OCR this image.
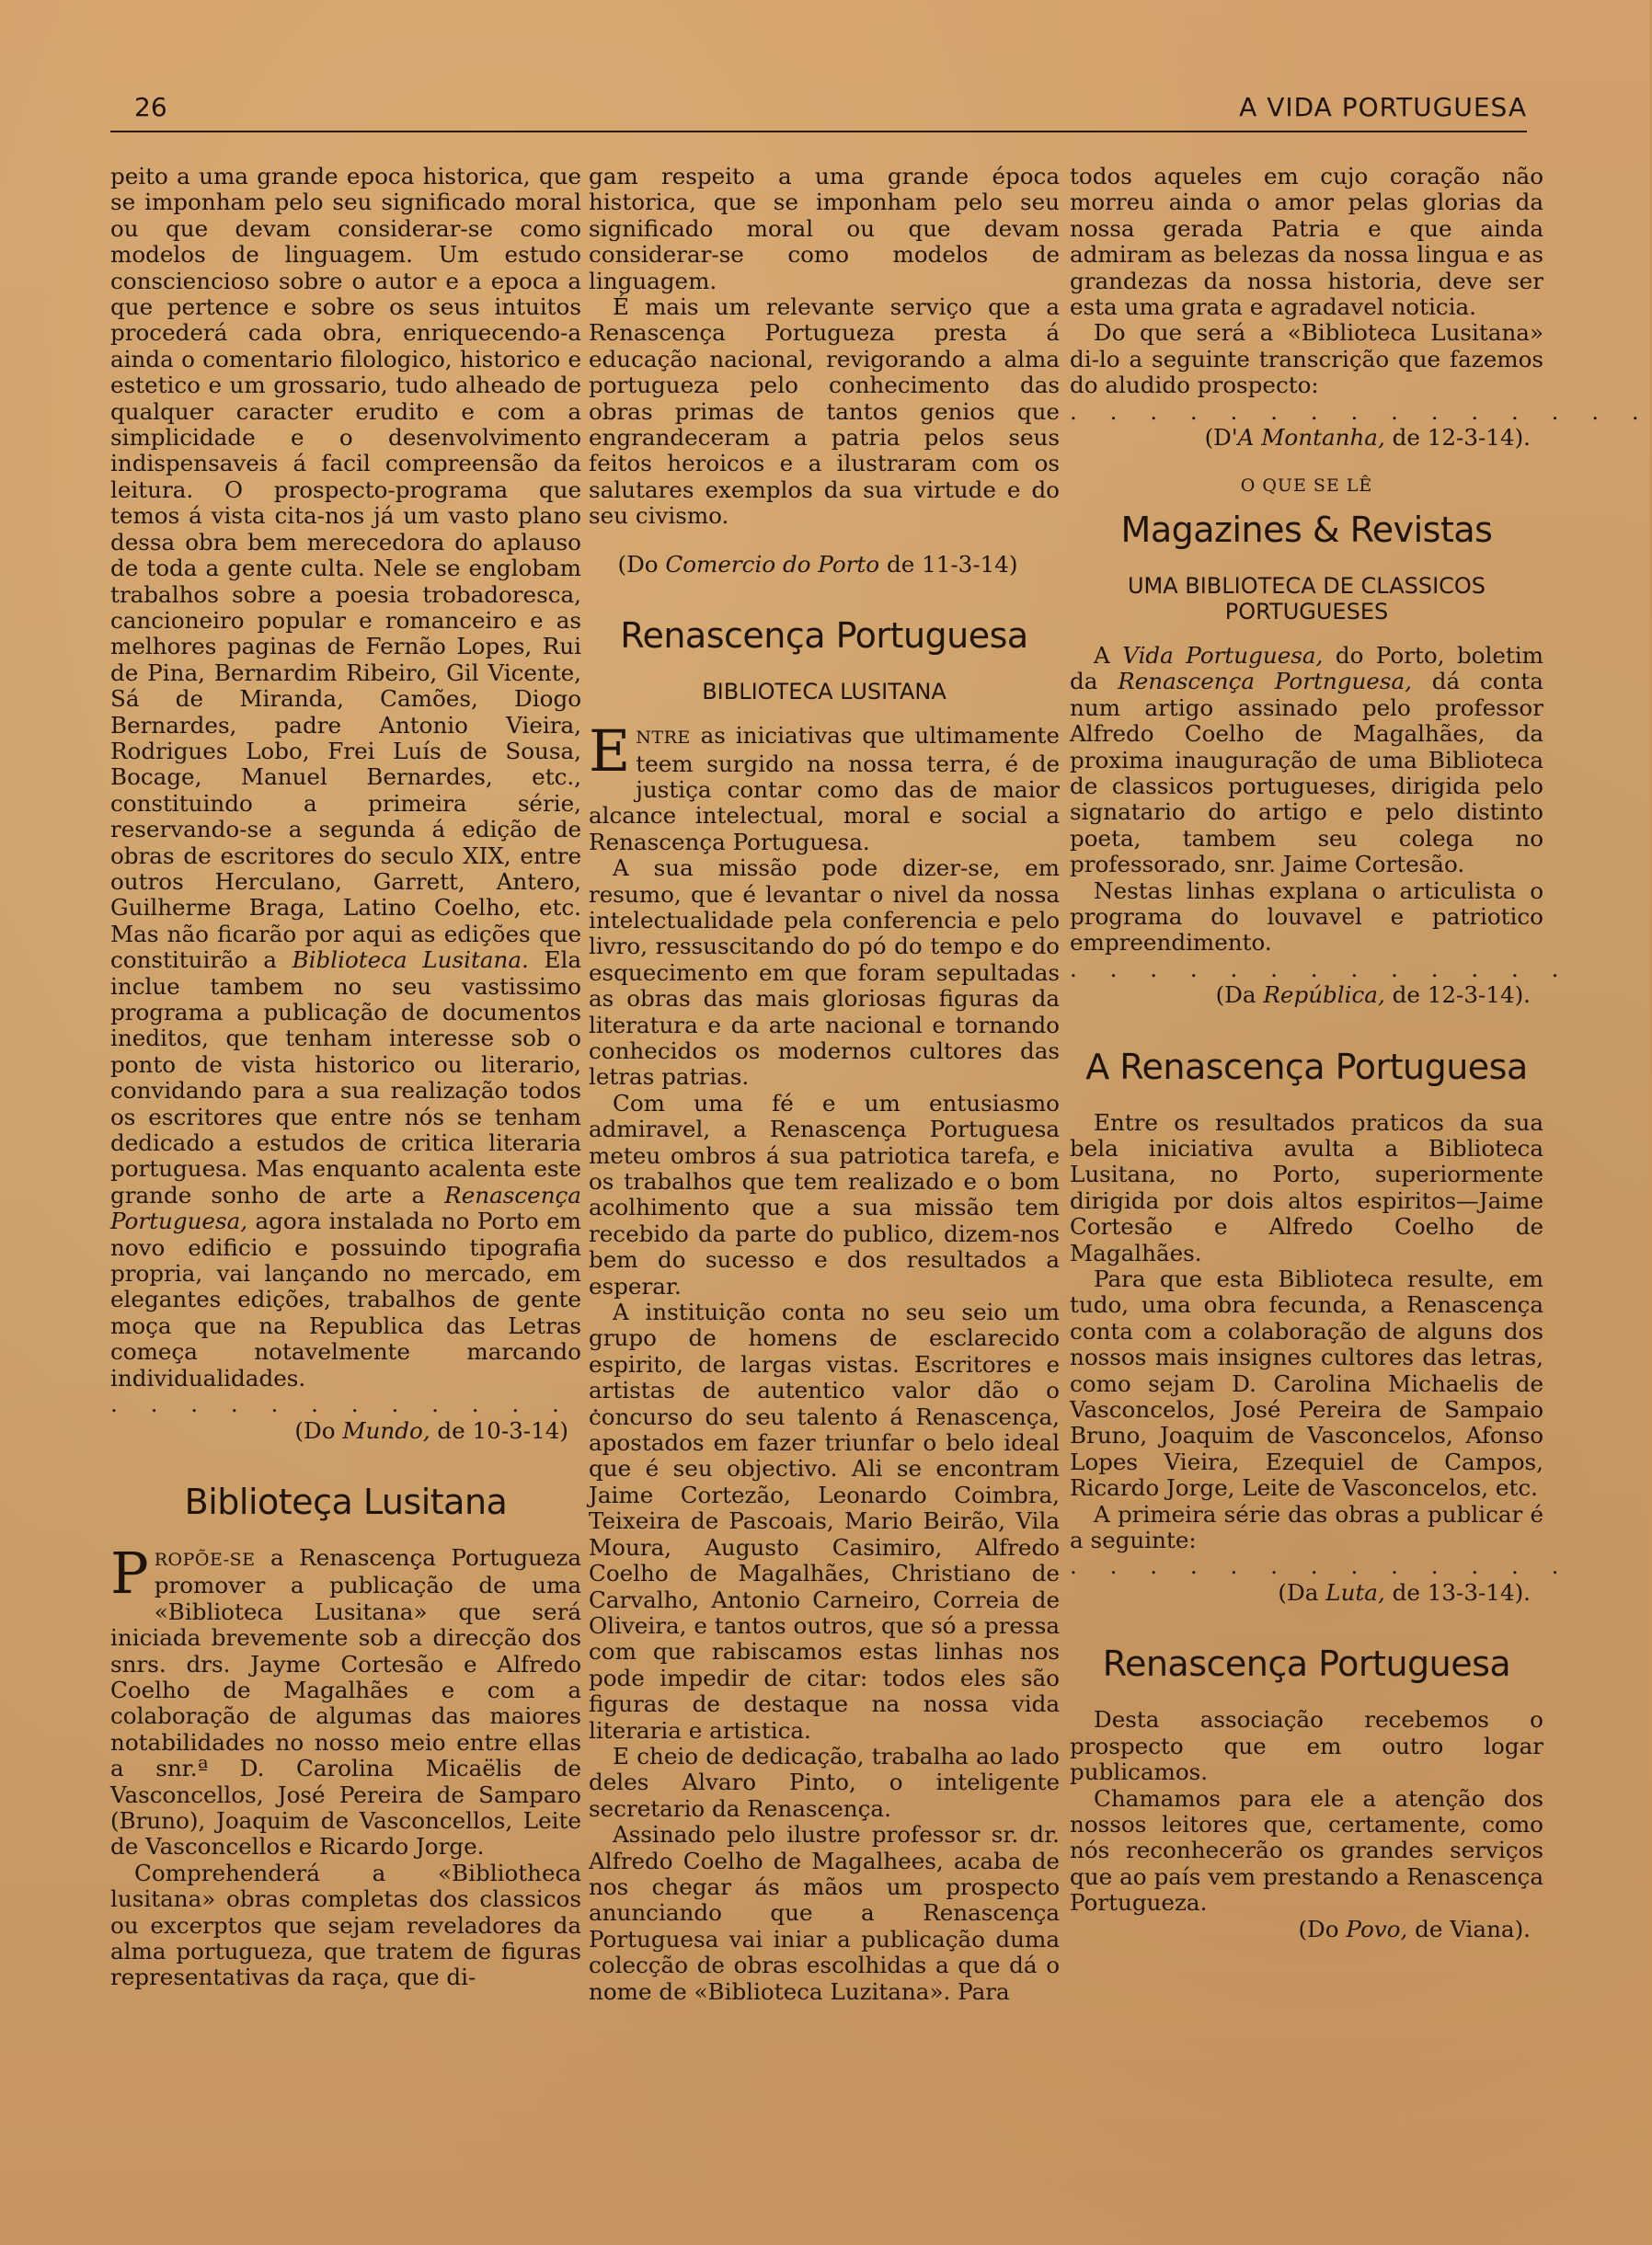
26	A VIDA PORTUGUESA

peito a uma grande epoca historica, que se imponham pelo seu significado moral ou que devam considerar-se como modelos de linguagem. Um estudo consciencioso sobre o autor e a epoca a que pertence e sobre os seus intuitos procederá cada obra, enriquecendo-a ainda o comentario filologico, historico e estetico e um grossario, tudo alheado de qualquer caracter erudito e com a simplicidade e o desenvolvimento indispensaveis á facil compreensão da leitura. O prospecto-programa que temos á vista cita-nos já um vasto plano dessa obra bem merecedora do aplauso de toda a gente culta. Nele se englobam trabalhos sobre a poesia trobadoresca, cancioneiro popular e romanceiro e as melhores paginas de Fernão Lopes, Rui de Pina, Bernardim Ribeiro, Gil Vicente, Sá de Miranda, Camões, Diogo Bernardes, padre Antonio Vieira, Rodrigues Lobo, Frei Luís de Sousa, Bocage, Manuel Bernardes, etc., constituindo a primeira série, reservando-se a segunda á edição de obras de escritores do seculo XIX, entre outros Herculano, Garrett, Antero, Guilherme Braga, Latino Coelho, etc. Mas não ficarão por aqui as edições que constituirão a Biblioteca Lusitana. Ela inclue tambem no seu vastissimo programa a publicação de documentos ineditos, que tenham interesse sob o ponto de vista historico ou literario, convidando para a sua realização todos os escritores que entre nós se tenham dedicado a estudos de critica literaria portuguesa. Mas enquanto acalenta este grande sonho de arte a Renascença Portuguesa, agora instalada no Porto em novo edificio e possuindo tipografia propria, vai lançando no mercado, em elegantes edições, trabalhos de gente moça que na Republica das Letras começa notavelmente marcando individualidades.

. . . . . . . . . . . . .

(Do Mundo, de 10-3-14)

Biblioteça Lusitana

PROPÕE-SE a Renascença Portugueza promover a publicação de uma «Biblioteca Lusitana» que será iniciada brevemente sob a direcção dos snrs. drs. Jayme Cortesão e Alfredo Coelho de Magalhães e com a colaboração de algumas das maiores notabilidades no nosso meio entre ellas a snr.ª D. Carolina Micaëlis de Vasconcellos, José Pereira de Samparo (Bruno), Joaquim de Vasconcellos, Leite de Vasconcellos e Ricardo Jorge.

Comprehenderá a «Bibliotheca lusitana» obras completas dos classicos ou excerptos que sejam reveladores da alma portugueza, que tratem de figuras representativas da raça, que di-

gam respeito a uma grande época historica, que se imponham pelo seu significado moral ou que devam considerar-se como modelos de linguagem.

É mais um relevante serviço que a Renascença Portugueza presta á educação nacional, revigorando a alma portugueza pelo conhecimento das obras primas de tantos genios que engrandeceram a patria pelos seus feitos heroicos e a ilustraram com os salutares exemplos da sua virtude e do seu civismo.

(Do Comercio do Porto de 11-3-14)

Renascença Portuguesa
BIBLIOTECA LUSITANA

ENTRE as iniciativas que ultimamente teem surgido na nossa terra, é de justiça contar como das de maior alcance intelectual, moral e social a Renascença Portuguesa.

A sua missão pode dizer-se, em resumo, que é levantar o nivel da nossa intelectualidade pela conferencia e pelo livro, ressuscitando do pó do tempo e do esquecimento em que foram sepultadas as obras das mais gloriosas figuras da literatura e da arte nacional e tornando conhecidos os modernos cultores das letras patrias.

Com uma fé e um entusiasmo admiravel, a Renascença Portuguesa meteu ombros á sua patriotica tarefa, e os trabalhos que tem realizado e o bom acolhimento que a sua missão tem recebido da parte do publico, dizem-nos bem do sucesso e dos resultados a esperar.

A instituição conta no seu seio um grupo de homens de esclarecido espirito, de largas vistas. Escritores e artistas de autentico valor dão o concurso do seu talento á Renascença, apostados em fazer triunfar o belo ideal que é seu objectivo. Ali se encontram Jaime Cortezão, Leonardo Coimbra, Teixeira de Pascoais, Mario Beirão, Vila Moura, Augusto Casimiro, Alfredo Coelho de Magalhães, Christiano de Carvalho, Antonio Carneiro, Correia de Oliveira, e tantos outros, que só a pressa com que rabiscamos estas linhas nos pode impedir de citar: todos eles são figuras de destaque na nossa vida literaria e artistica.

E cheio de dedicação, trabalha ao lado deles Alvaro Pinto, o inteligente secretario da Renascença.

Assinado pelo ilustre professor sr. dr. Alfredo Coelho de Magalhees, acaba de nos chegar ás mãos um prospecto anunciando que a Renascença Portuguesa vai iniar a publicação duma colecção de obras escolhidas a que dá o nome de «Biblioteca Luzitana». Para

todos aqueles em cujo coração não morreu ainda o amor pelas glorias da nossa gerada Patria e que ainda admiram as belezas da nossa lingua e as grandezas da nossa historia, deve ser esta uma grata e agradavel noticia.

Do que será a «Biblioteca Lusitana» di-lo a seguinte transcrição que fazemos do aludido prospecto:

. . . . . . . . . . . . . . .

(D'A Montanha, de 12-3-14).

O QUE SE LÊ
Magazines & Revistas
UMA BIBLIOTECA DE CLASSICOS PORTUGUESES

A Vida Portuguesa, do Porto, boletim da Renascença Portnguesa, dá conta num artigo assinado pelo professor Alfredo Coelho de Magalhães, da proxima inauguração de uma Biblioteca de classicos portugueses, dirigida pelo signatario do artigo e pelo distinto poeta, tambem seu colega no professorado, snr. Jaime Cortesão.

Nestas linhas explana o articulista o programa do louvavel e patriotico empreendimento.

. . . . . . . . . . . . .

(Da República, de 12-3-14).

A Renascença Portuguesa

Entre os resultados praticos da sua bela iniciativa avulta a Biblioteca Lusitana, no Porto, superiormente dirigida por dois altos espiritos—Jaime Cortesão e Alfredo Coelho de Magalhães.

Para que esta Biblioteca resulte, em tudo, uma obra fecunda, a Renascença conta com a colaboração de alguns dos nossos mais insignes cultores das letras, como sejam D. Carolina Michaelis de Vasconcelos, José Pereira de Sampaio Bruno, Joaquim de Vasconcelos, Afonso Lopes Vieira, Ezequiel de Campos, Ricardo Jorge, Leite de Vasconcelos, etc.

A primeira série das obras a publicar é a seguinte:

. . . . . . . . . . . . .

(Da Luta, de 13-3-14).

Renascença Portuguesa

Desta associação recebemos o prospecto que em outro logar publicamos.

Chamamos para ele a atenção dos nossos leitores que, certamente, como nós reconhecerão os grandes serviços que ao país vem prestando a Renascença Portugueza.

(Do Povo, de Viana).
